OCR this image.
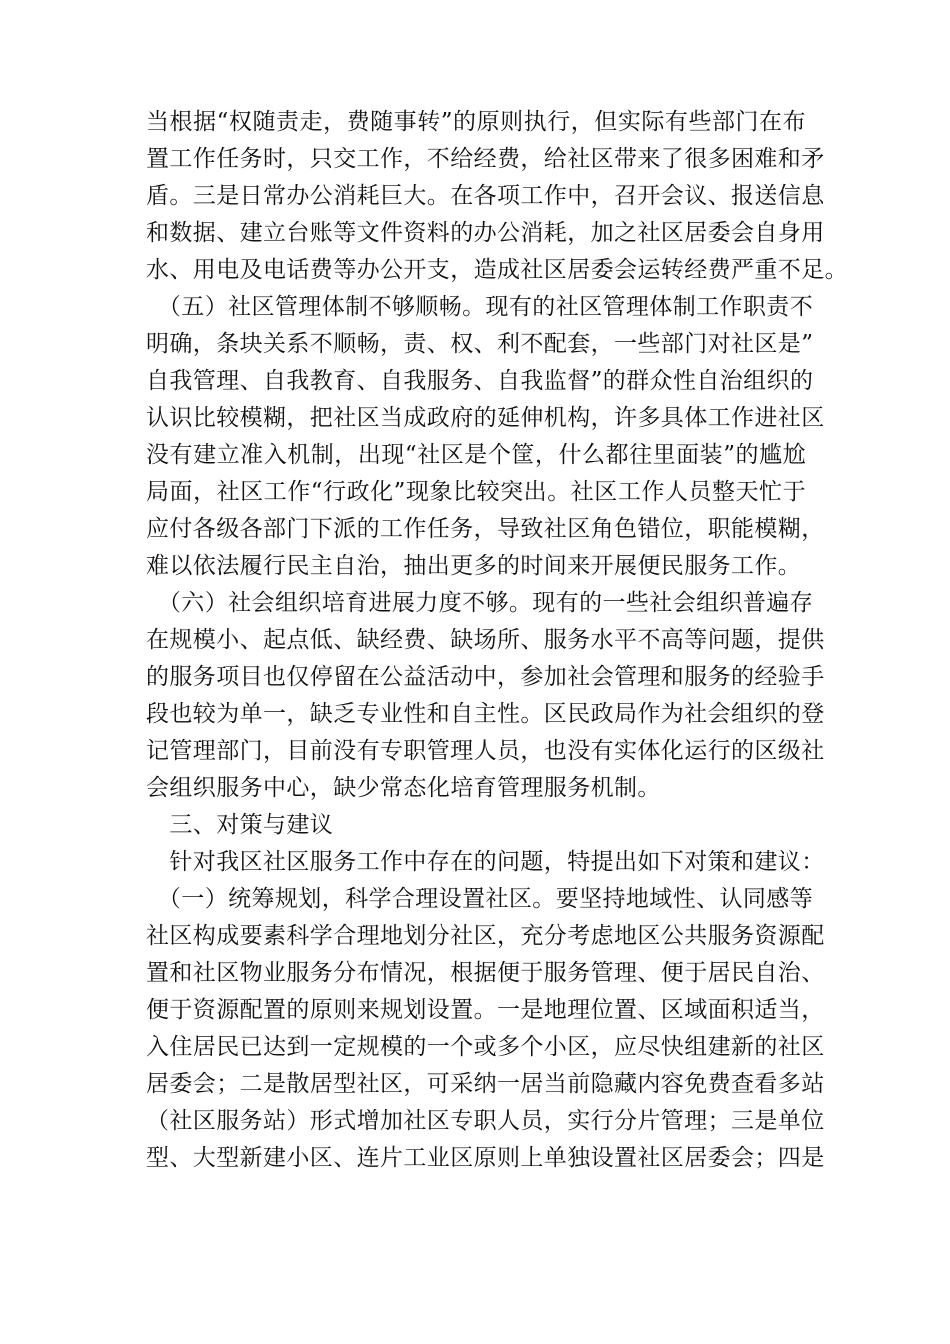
当根据“权随责走，费随事转”的原则执行，但实际有些部门在布
置工作任务时，只交工作，不给经费，给社区带来了很多困难和矛
盾。三是日常办公消耗巨大。在各项工作中，召开会议、报送信息
和数据、建立台账等文件资料的办公消耗，加之社区居委会自身用
水、用电及电话费等办公开支，造成社区居委会运转经费严重不足。
　（五）社区管理体制不够顺畅。现有的社区管理体制工作职责不
明确，条块关系不顺畅，责、权、利不配套，一些部门对社区是”
自我管理、自我教育、自我服务、自我监督”的群众性自治组织的
认识比较模糊，把社区当成政府的延伸机构，许多具体工作进社区
没有建立准入机制，出现“社区是个筐，什么都往里面装”的尴尬
局面，社区工作“行政化”现象比较突出。社区工作人员整天忙于
应付各级各部门下派的工作任务，导致社区角色错位，职能模糊，
难以依法履行民主自治，抽出更多的时间来开展便民服务工作。
　（六）社会组织培育进展力度不够。现有的一些社会组织普遍存
在规模小、起点低、缺经费、缺场所、服务水平不高等问题，提供
的服务项目也仅停留在公益活动中，参加社会管理和服务的经验手
段也较为单一，缺乏专业性和自主性。区民政局作为社会组织的登
记管理部门，目前没有专职管理人员，也没有实体化运行的区级社
会组织服务中心，缺少常态化培育管理服务机制。
　三、对策与建议
　针对我区社区服务工作中存在的问题，特提出如下对策和建议：
　（一）统筹规划，科学合理设置社区。要坚持地域性、认同感等
社区构成要素科学合理地划分社区，充分考虑地区公共服务资源配
置和社区物业服务分布情况，根据便于服务管理、便于居民自治、
便于资源配置的原则来规划设置。一是地理位置、区域面积适当，
入住居民已达到一定规模的一个或多个小区，应尽快组建新的社区
居委会；二是散居型社区，可采纳一居当前隐藏内容免费查看多站
（社区服务站）形式增加社区专职人员，实行分片管理；三是单位
型、大型新建小区、连片工业区原则上单独设置社区居委会；四是
